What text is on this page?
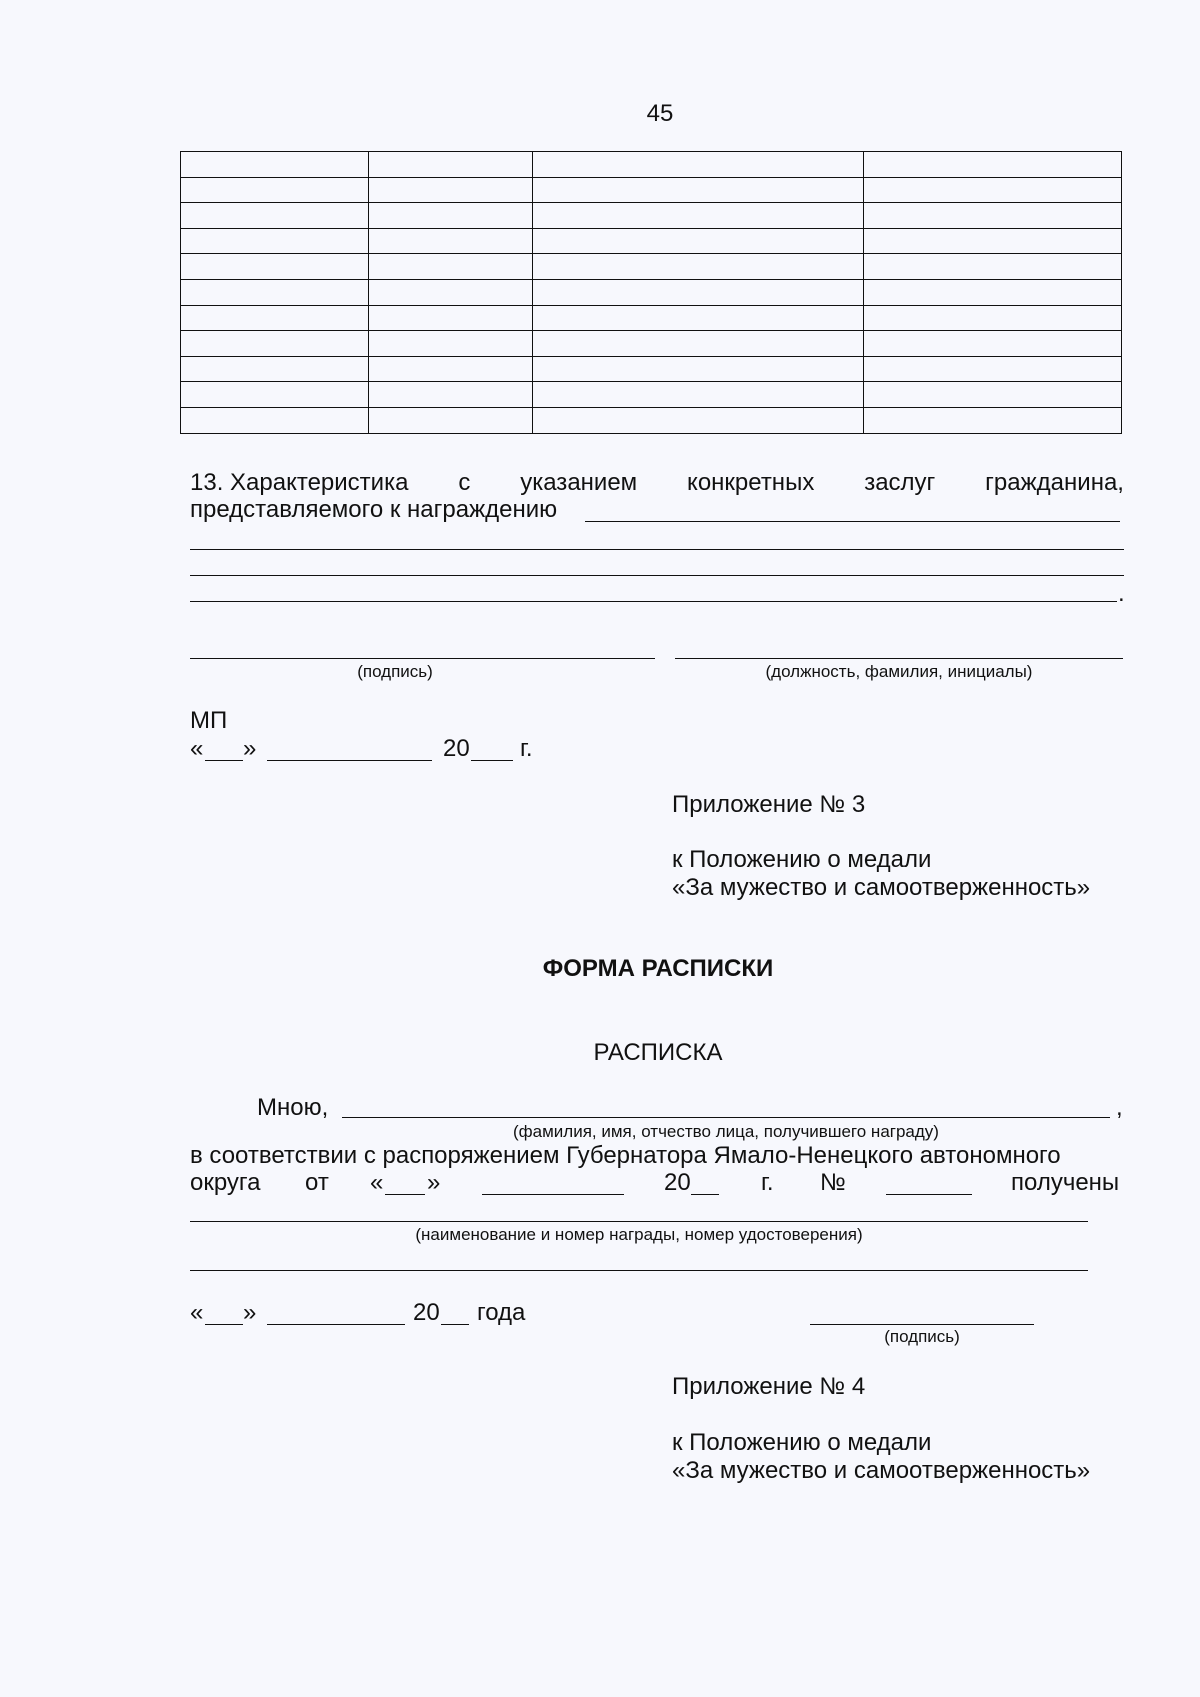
45

13. Характеристика с указанием конкретных заслуг гражданина,
представляемого к награждению
.
(подпись)	(должность, фамилия, инициалы)
МП
« »	20 г.
Приложение № 3
к Положению о медали
«За мужество и самоотверженность»
ФОРМА РАСПИСКИ
РАСПИСКА
Мною,	,
(фамилия, имя, отчество лица, получившего награду)
в соответствии с распоряжением Губернатора Ямало-Ненецкого автономного
округа от « »	20	г. №	получены
(наименование и номер награды, номер удостоверения)
« »	20 года
(подпись)
Приложение № 4
к Положению о медали
«За мужество и самоотверженность»
